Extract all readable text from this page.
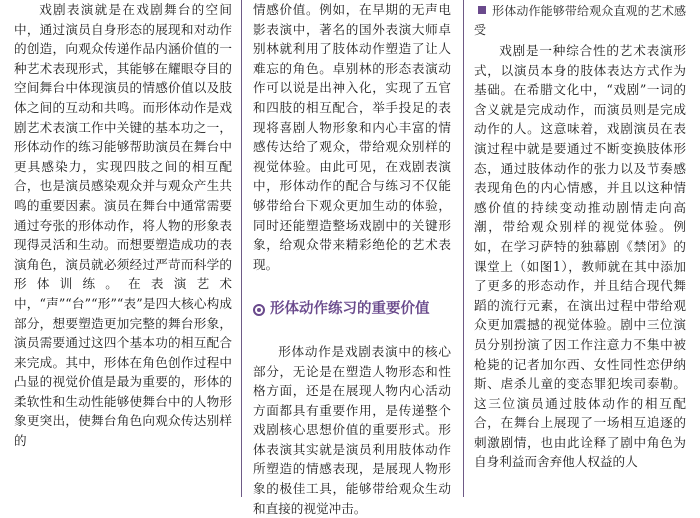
戏剧表演就是在戏剧舞台的空间中，通过演员自身形态的展现和对动作的创造，向观众传递作品内涵价值的一种艺术表现形式，其能够在耀眼夺目的空间舞台中体现演员的情感价值以及肢体之间的互动和共鸣。而形体动作是戏剧艺术表演工作中关键的基本功之一，形体动作的练习能够帮助演员在舞台中更具感染力，实现四肢之间的相互配合，也是演员感染观众并与观众产生共鸣的重要因素。演员在舞台中通常需要通过夸张的形体动作，将人物的形象表现得灵活和生动。而想要塑造成功的表演角色，演员就必须经过严苛而科学的形体训练。在表演艺术中，“声”“台”“形”“表”是四大核心构成部分，想要塑造更加完整的舞台形象，演员需要通过这四个基本功的相互配合来完成。其中，形体在角色创作过程中凸显的视觉价值是最为重要的，形体的柔软性和生动性能够使舞台中的人物形象更突出，使舞台角色向观众传达别样的

情感价值。例如，在早期的无声电影表演中，著名的国外表演大师卓别林就利用了肢体动作塑造了让人难忘的角色。卓别林的形态表演动作可以说是出神入化，实现了五官和四肢的相互配合，举手投足的表现将喜剧人物形象和内心丰富的情感传达给了观众，带给观众别样的视觉体验。由此可见，在戏剧表演中，形体动作的配合与练习不仅能够带给台下观众更加生动的体验，同时还能塑造整场戏剧中的关键形象，给观众带来精彩绝伦的艺术表现。

形体动作练习的重要价值

形体动作是戏剧表演中的核心部分，无论是在塑造人物形态和性格方面，还是在展现人物内心活动方面都具有重要作用，是传递整个戏剧核心思想价值的重要形式。形体表演其实就是演员利用肢体动作所塑造的情感表现，是展现人物形象的极佳工具，能够带给观众生动和直接的视觉冲击。

形体动作能够带给观众直观的艺术感受

戏剧是一种综合性的艺术表演形式，以演员本身的肢体表达方式作为基础。在希腊文化中，“戏剧”一词的含义就是完成动作，而演员则是完成动作的人。这意味着，戏剧演员在表演过程中就是要通过不断变换肢体形态，通过肢体动作的张力以及节奏感表现角色的内心情感，并且以这种情感价值的持续变动推动剧情走向高潮，带给观众别样的视觉体验。例如，在学习萨特的独幕剧《禁闭》的课堂上（如图1），教师就在其中添加了更多的形态动作，并且结合现代舞蹈的流行元素，在演出过程中带给观众更加震撼的视觉体验。剧中三位演员分别扮演了因工作注意力不集中被枪毙的记者加尔西、女性同性恋伊纳斯、虐杀儿童的变态罪犯埃司泰勒。这三位演员通过肢体动作的相互配合，在舞台上展现了一场相互追逐的刺激剧情，也由此诠释了剧中角色为自身利益而舍弃他人权益的人
